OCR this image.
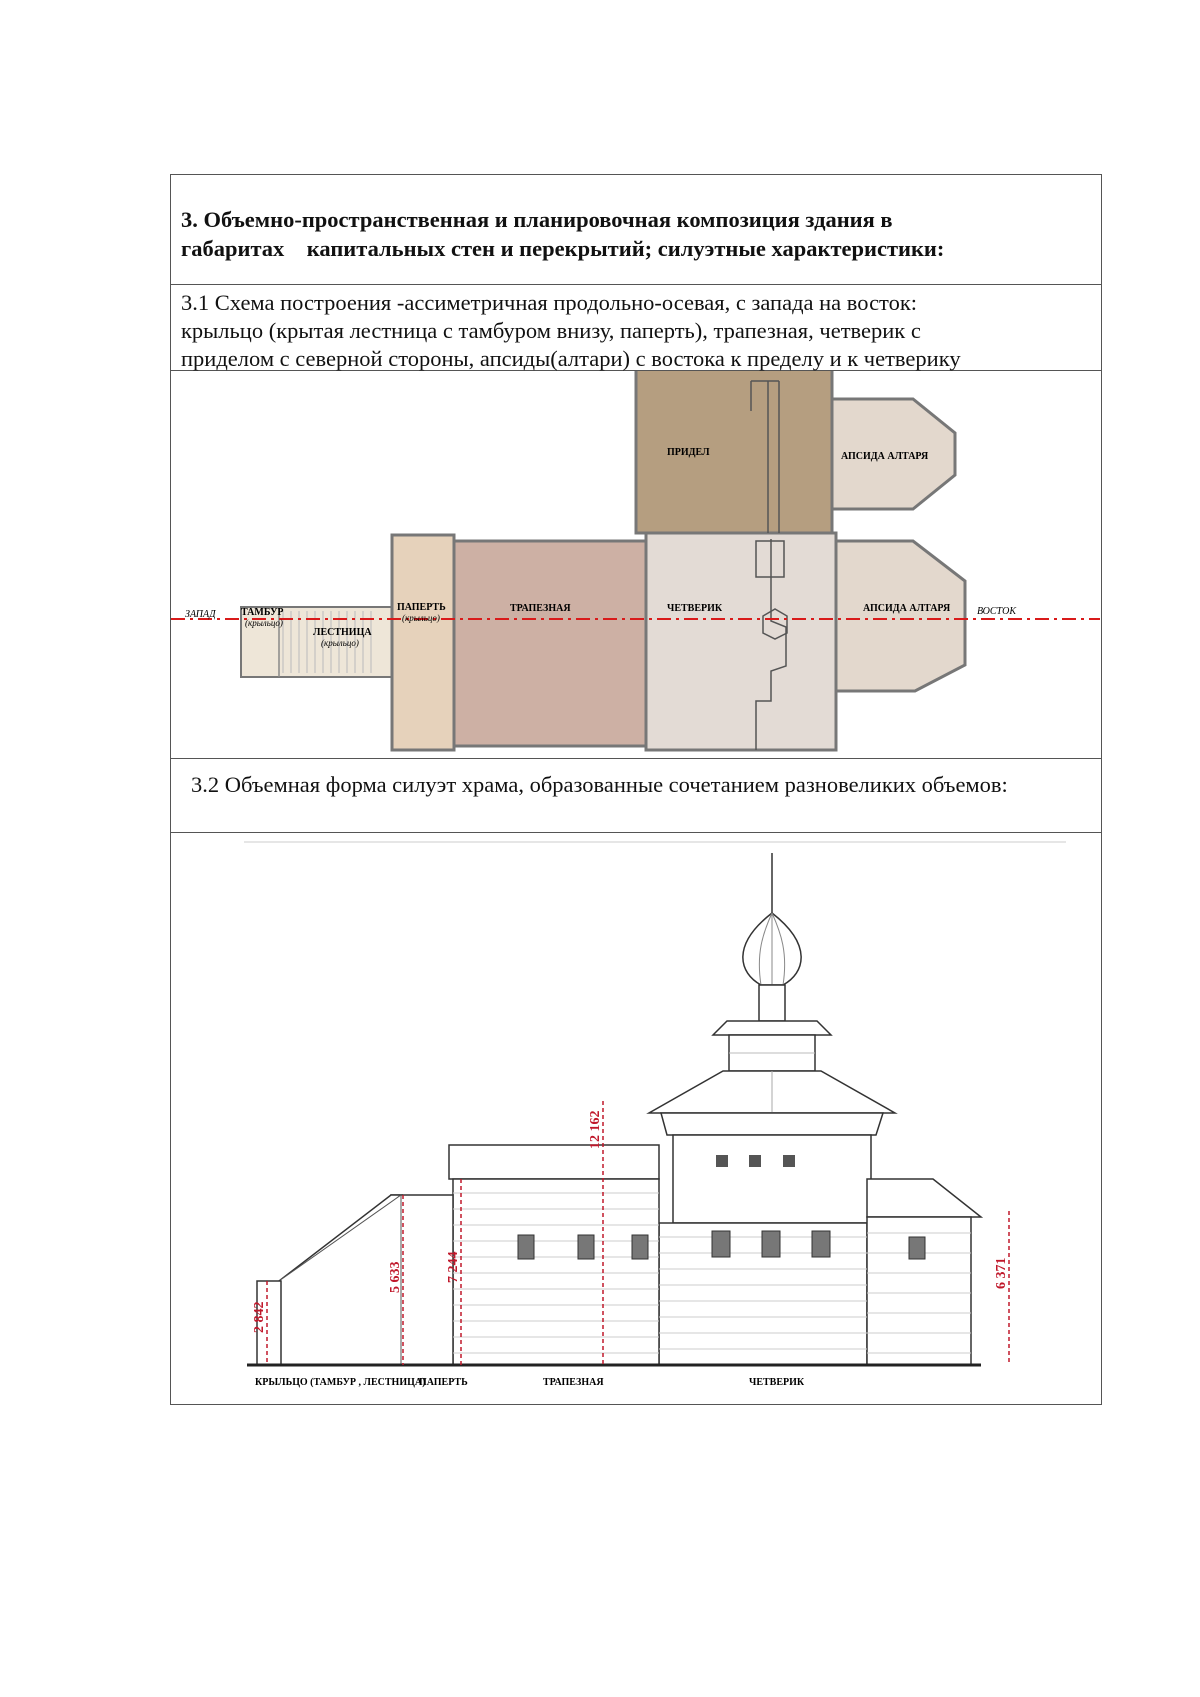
3. Объемно-пространственная и планировочная композиция здания в
габаритах    капитальных стен и перекрытий; силуэтные характеристики:
3.1 Схема построения -ассиметричная продольно-осевая, с запада на восток:
крыльцо (крытая лестница с тамбуром внизу, паперть), трапезная, четверик с
приделом с северной стороны, апсиды(алтари) с востока к пределу и к четверику
ЗАПАД	ВОСТОК
ТАМБУР
(крыльцо)
ЛЕСТНИЦА
(крыльцо)
ПАПЕРТЬ
(крыльцо)
ТРАПЕЗНАЯ	ЧЕТВЕРИК
ПРИДЕЛ	АПСИДА АЛТАРЯ
АПСИДА АЛТАРЯ
3.2 Объемная форма силуэт храма, образованные сочетанием разновеликих объемов:
2 842
5 633	7 244
12 162
6 371
КРЫЛЬЦО (ТАМБУР , ЛЕСТНИЦА)
ПАПЕРТЬ	ТРАПЕЗНАЯ	ЧЕТВЕРИК
